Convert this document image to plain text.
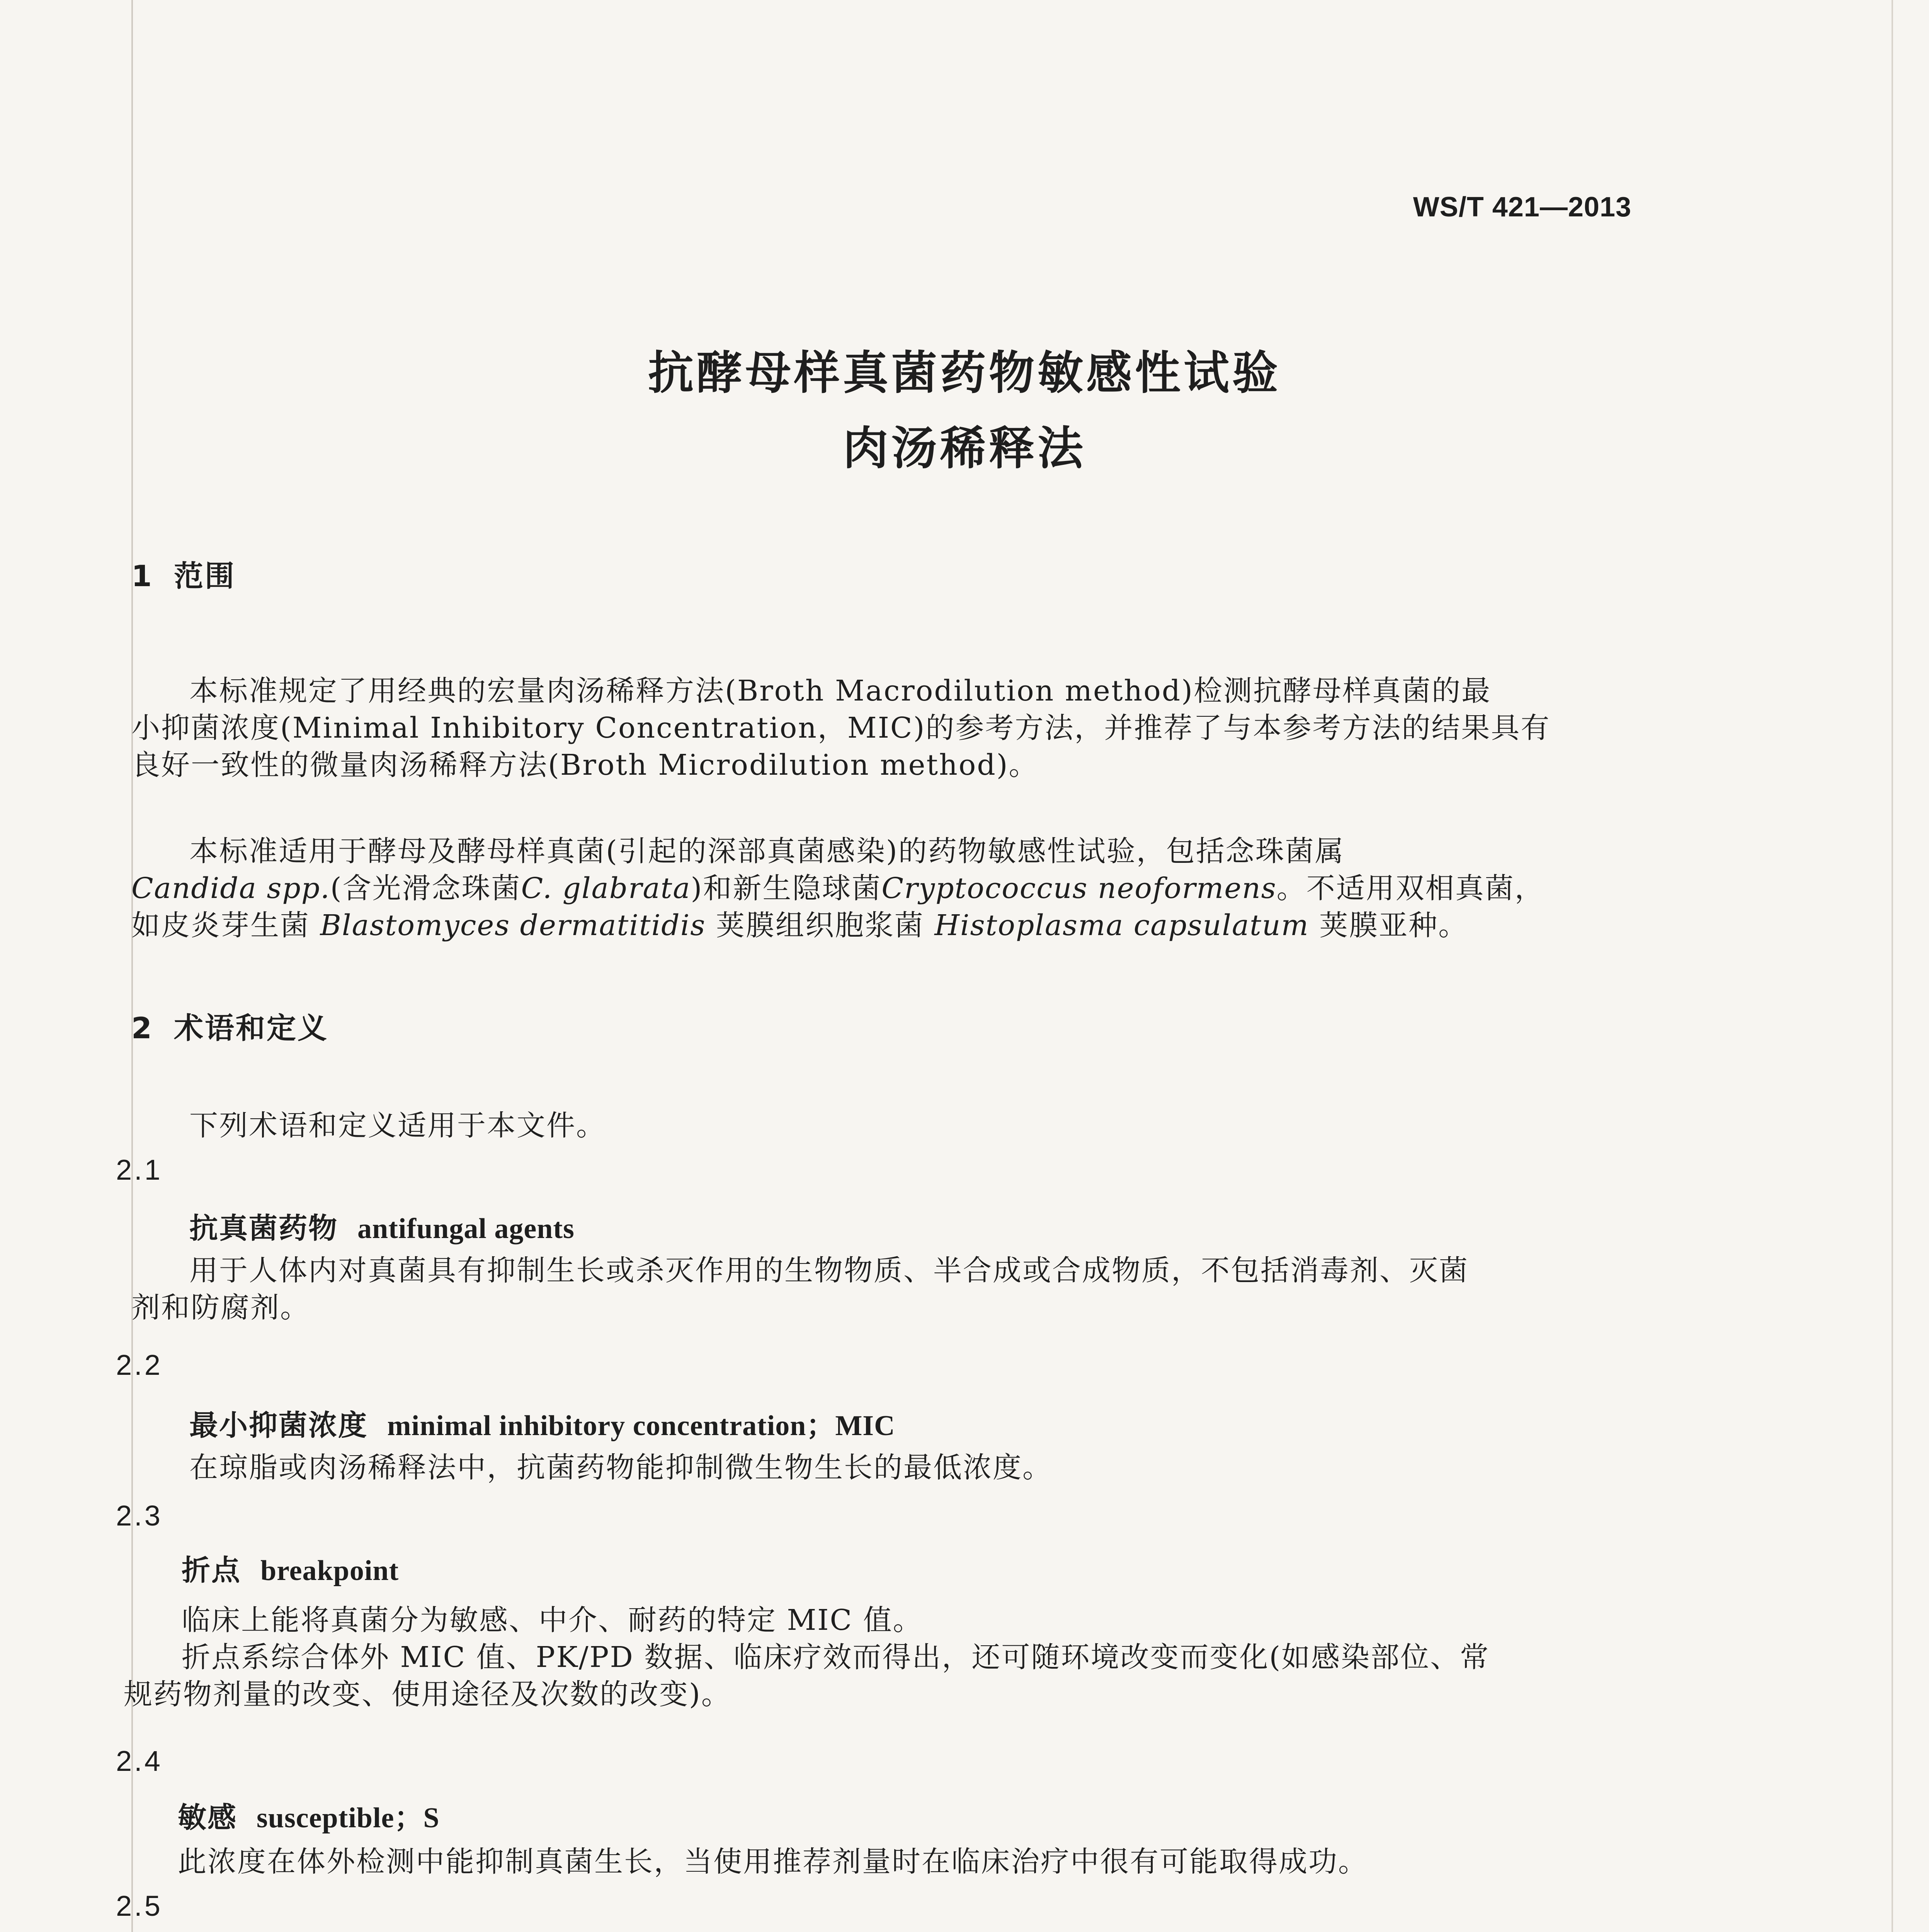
WS/T 421—2013
抗酵母样真菌药物敏感性试验
肉汤稀释法
1 范围
本标准规定了用经典的宏量肉汤稀释方法(Broth Macrodilution method)检测抗酵母样真菌的最
小抑菌浓度(Minimal Inhibitory Concentration，MIC)的参考方法，并推荐了与本参考方法的结果具有
良好一致性的微量肉汤稀释方法(Broth Microdilution method)。
本标准适用于酵母及酵母样真菌(引起的深部真菌感染)的药物敏感性试验，包括念珠菌属
Candida spp.(含光滑念珠菌C. glabrata)和新生隐球菌Cryptococcus neoformens。不适用双相真菌，
如皮炎芽生菌 Blastomyces dermatitidis 荚膜组织胞浆菌 Histoplasma capsulatum 荚膜亚种。
2 术语和定义
下列术语和定义适用于本文件。
2.1
抗真菌药物 antifungal agents
用于人体内对真菌具有抑制生长或杀灭作用的生物物质、半合成或合成物质，不包括消毒剂、灭菌
剂和防腐剂。
2.2
最小抑菌浓度 minimal inhibitory concentration；MIC
在琼脂或肉汤稀释法中，抗菌药物能抑制微生物生长的最低浓度。
2.3
折点 breakpoint
临床上能将真菌分为敏感、中介、耐药的特定 MIC 值。
折点系综合体外 MIC 值、PK/PD 数据、临床疗效而得出，还可随环境改变而变化(如感染部位、常
规药物剂量的改变、使用途径及次数的改变)。
2.4
敏感 susceptible；S
此浓度在体外检测中能抑制真菌生长，当使用推荐剂量时在临床治疗中很有可能取得成功。
2.5
